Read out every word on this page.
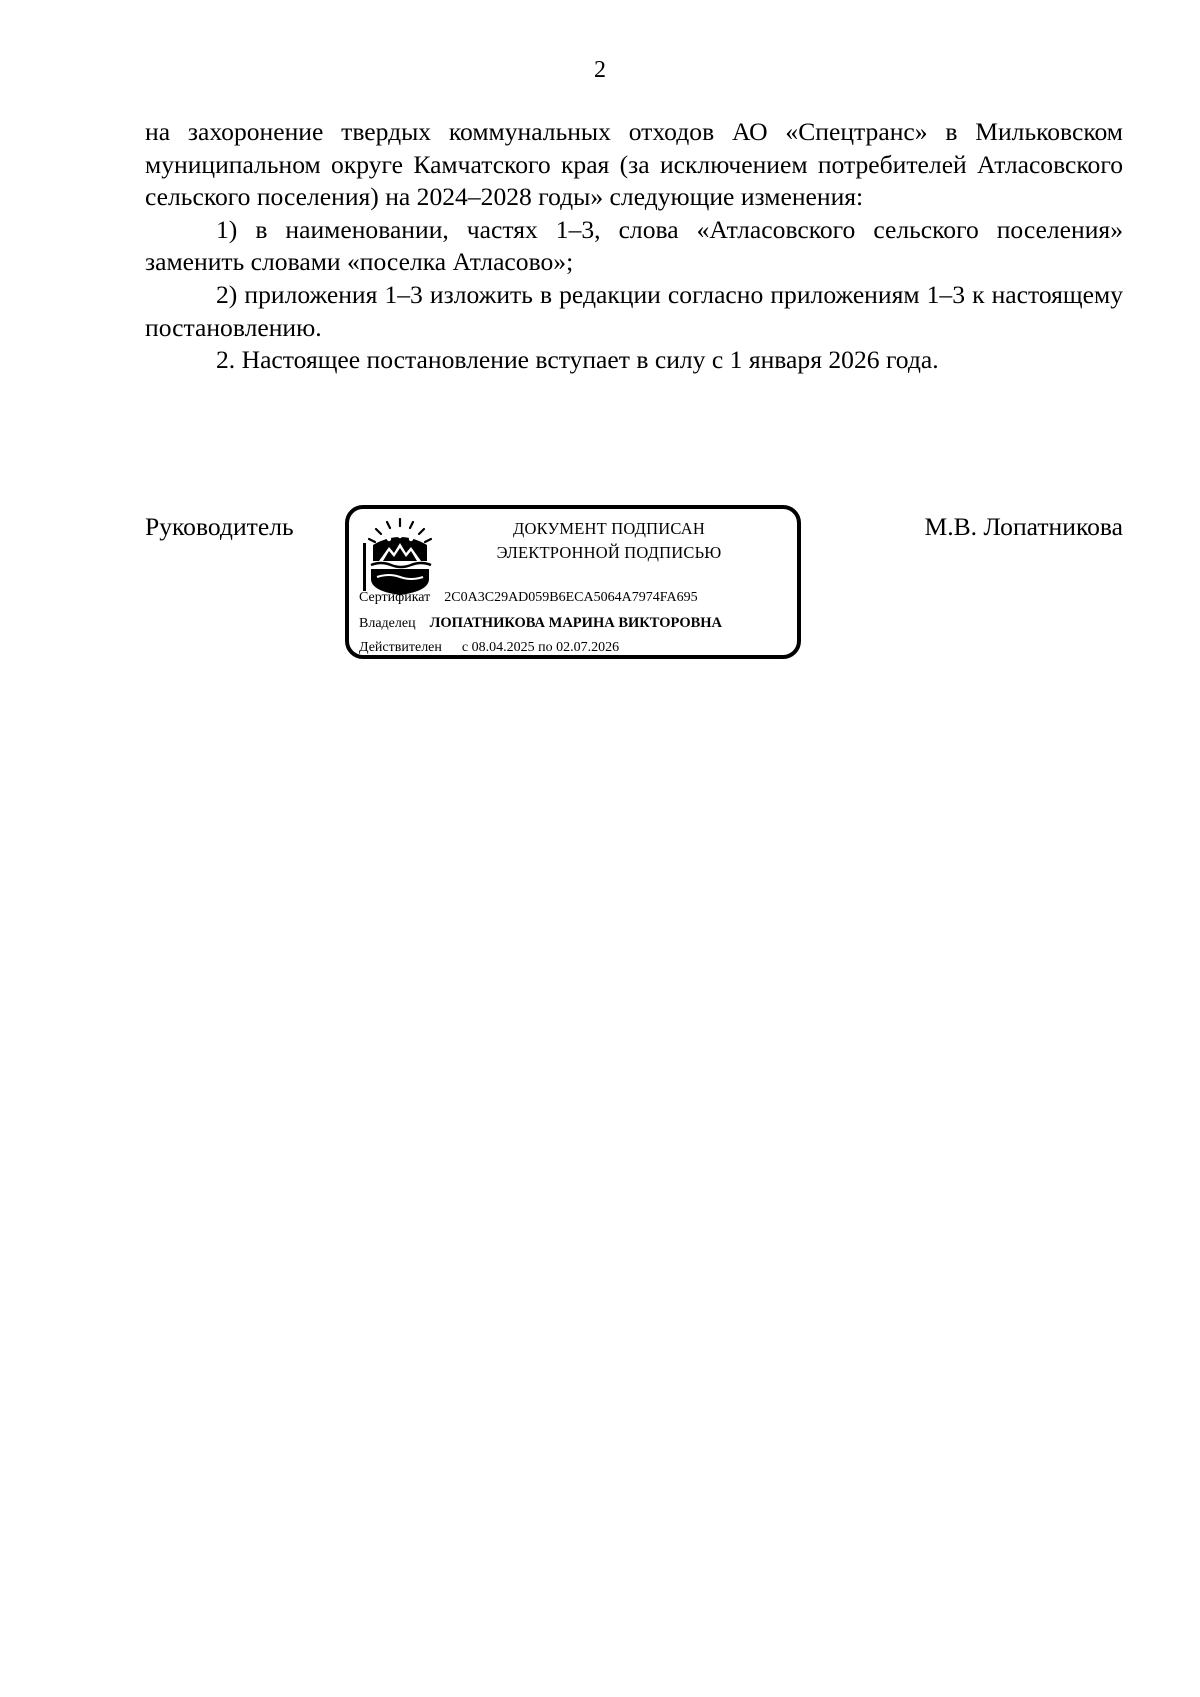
2

на захоронение твердых коммунальных отходов АО «Спецтранс» в Мильковском муниципальном округе Камчатского края (за исключением потребителей Атласовского сельского поселения) на 2024–2028 годы» следующие изменения:

1) в наименовании, частях 1–3, слова «Атласовского сельского поселения» заменить словами «поселка Атласово»;

2) приложения 1–3 изложить в редакции согласно приложениям 1–3 к настоящему постановлению.

2. Настоящее постановление вступает в силу с 1 января 2026 года.

Руководитель	ДОКУМЕНТ ПОДПИСАН
ЭЛЕКТРОННОЙ ПОДПИСЬЮ
Сертификат 2C0A3C29AD059B6ECA5064A7974FA695
Владелец ЛОПАТНИКОВА МАРИНА ВИКТОРОВНА
Действителен с 08.04.2025 по 02.07.2026
М.В. Лопатникова
